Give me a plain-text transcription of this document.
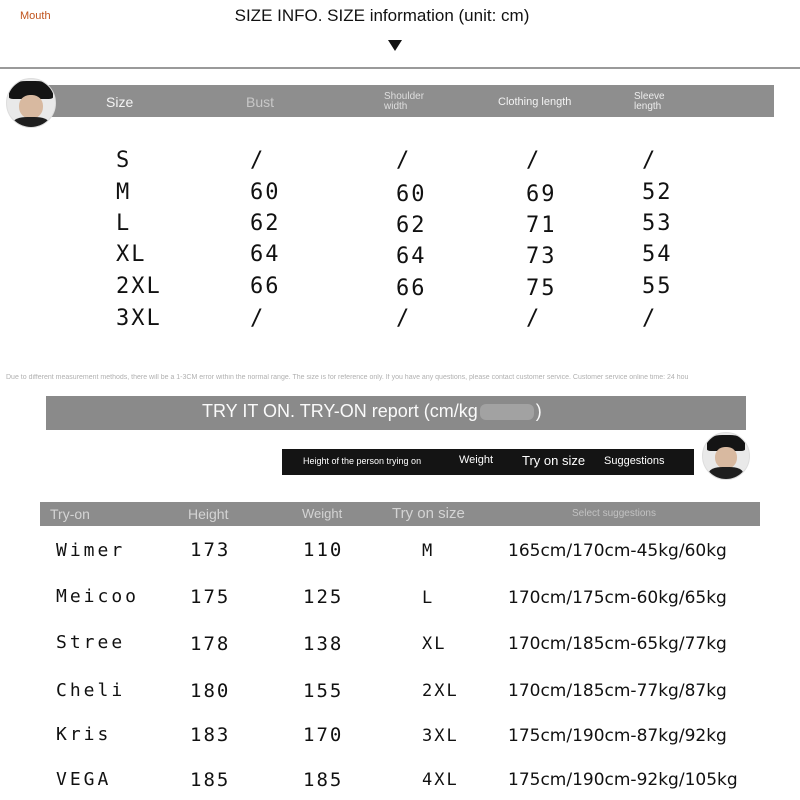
Mouth	SIZE INFO. SIZE information (unit: cm)
Size	Bust	Shoulder width	Clothing length	Sleeve length
S	/	/	/	/
M	60	60	69	52
L	62	62	71	53
XL	64	64	73	54
2XL	66	66	75	55
3XL	/	/	/	/
Due to different measurement methods, there will be a 1-3CM error within the normal range. The size is for reference only. If you have any questions, please contact customer service. Customer service online time: 24 hou
TRY IT ON. TRY-ON report (cm/kg	)
Height of the person trying on	Weight Try on size Suggestions
Try-on	Height	Weight	Try on size	Select suggestions
Wimer	173	110	M	165cm/170cm-45kg/60kg
Meicoo	175	125	L	170cm/175cm-60kg/65kg
Stree	178	138	XL	170cm/185cm-65kg/77kg
Cheli	180	155	2XL	170cm/185cm-77kg/87kg
Kris	183	170	3XL	175cm/190cm-87kg/92kg
VEGA	185	185	4XL	175cm/190cm-92kg/105kg
